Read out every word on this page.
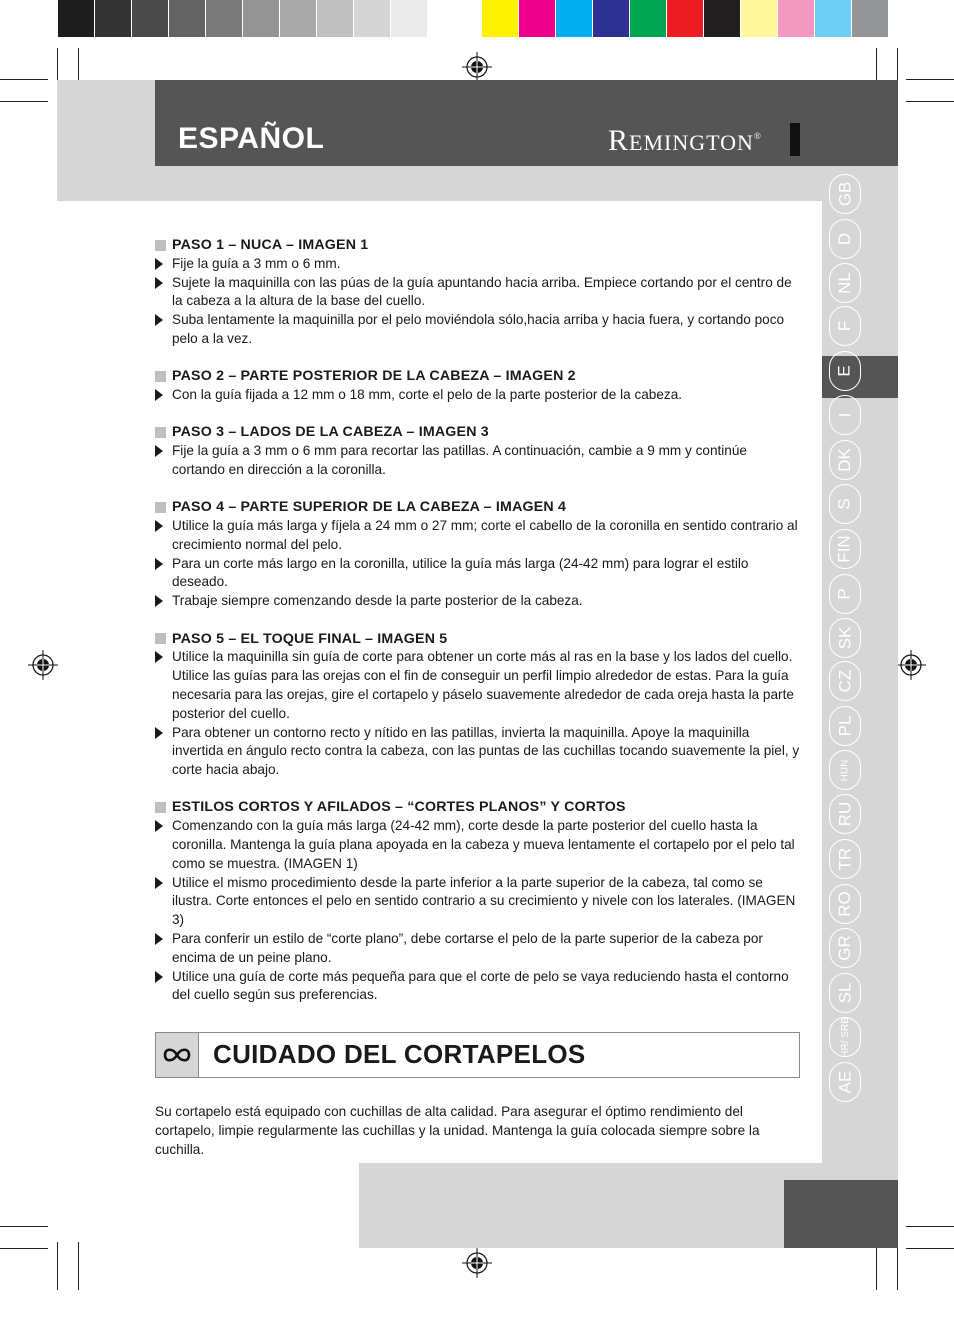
ESPAÑOL	REMINGTON®
GB
D
NL
F
E
I
DK
S
FIN
P
SK
CZ
PL
HUN
RU
TR
RO
GR
SL
HR/ SRB
AE
PASO 1 – NUCA – IMAGEN 1
Fije la guía a 3 mm o 6 mm.
Sujete la maquinilla con las púas de la guía apuntando hacia arriba. Empiece cortando por el centro de la cabeza a la altura de la base del cuello.
Suba lentamente la maquinilla por el pelo moviéndola sólo,hacia arriba y hacia fuera, y cortando poco pelo a la vez.
PASO 2 – PARTE POSTERIOR DE LA CABEZA – IMAGEN 2
Con la guía fijada a 12 mm o 18 mm, corte el pelo de la parte posterior de la cabeza.
PASO 3 – LADOS DE LA CABEZA – IMAGEN 3
Fije la guía a 3 mm o 6 mm para recortar las patillas. A continuación, cambie a 9 mm y continúe cortando en dirección a la coronilla.
PASO 4 – PARTE SUPERIOR DE LA CABEZA – IMAGEN 4
Utilice la guía más larga y fíjela a 24 mm o 27 mm; corte el cabello de la coronilla en sentido contrario al crecimiento normal del pelo.
Para un corte más largo en la coronilla, utilice la guía más larga (24-42 mm) para lograr el estilo deseado.
Trabaje siempre comenzando desde la parte posterior de la cabeza.
PASO 5 – EL TOQUE FINAL – IMAGEN 5
Utilice la maquinilla sin guía de corte para obtener un corte más al ras en la base y los lados del cuello. Utilice las guías para las orejas con el fin de conseguir un perfil limpio alrededor de estas. Para la guía necesaria para las orejas, gire el cortapelo y páselo suavemente alrededor de cada oreja hasta la parte posterior del cuello.
Para obtener un contorno recto y nítido en las patillas, invierta la maquinilla. Apoye la maquinilla invertida en ángulo recto contra la cabeza, con las puntas de las cuchillas tocando suavemente la piel, y corte hacia abajo.
ESTILOS CORTOS Y AFILADOS – “CORTES PLANOS” Y CORTOS
Comenzando con la guía más larga (24-42 mm), corte desde la parte posterior del cuello hasta la coronilla. Mantenga la guía plana apoyada en la cabeza y mueva lentamente el cortapelo por el pelo tal como se muestra. (IMAGEN 1)
Utilice el mismo procedimiento desde la parte inferior a la parte superior de la cabeza, tal como se ilustra. Corte entonces el pelo en sentido contrario a su crecimiento y nivele con los laterales. (IMAGEN 3)
Para conferir un estilo de “corte plano”, debe cortarse el pelo de la parte superior de la cabeza por encima de un peine plano.
Utilice una guía de corte más pequeña para que el corte de pelo se vaya reduciendo hasta el contorno del cuello según sus preferencias.
CUIDADO DEL CORTAPELOS
Su cortapelo está equipado con cuchillas de alta calidad. Para asegurar el óptimo rendimiento del cortapelo, limpie regularmente las cuchillas y la unidad. Mantenga la guía colocada siempre sobre la cuchilla.
